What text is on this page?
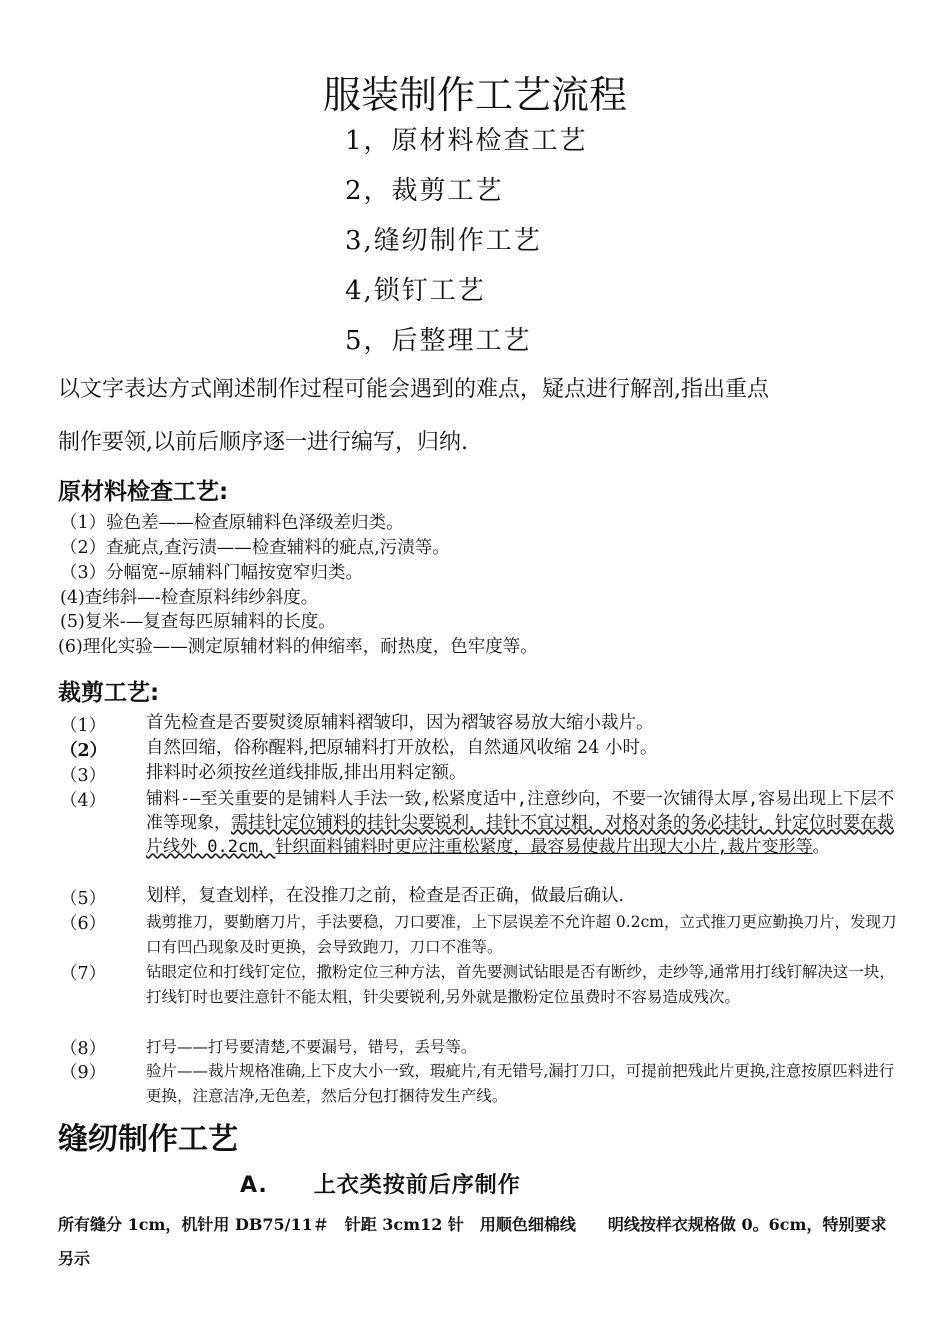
服装制作工艺流程
1，原材料检查工艺
2，裁剪工艺
3,缝纫制作工艺
4,锁钉工艺
5，后整理工艺
以文字表达方式阐述制作过程可能会遇到的难点，疑点进行解剖,指出重点
制作要领,以前后顺序逐一进行编写，归纳.
原材料检查工艺:
（1）验色差——检查原辅料色泽级差归类。
（2）查疵点,查污渍——检查辅料的疵点,污渍等。
（3）分幅宽--原辅料门幅按宽窄归类。
(4)查纬斜—-检查原料纬纱斜度。
(5)复米-—复查每匹原辅料的长度。
(6)理化实验——测定原辅材料的伸缩率，耐热度，色牢度等。
裁剪工艺:
（1）	首先检查是否要熨烫原辅料褶皱印，因为褶皱容易放大缩小裁片。
（2）	自然回缩，俗称醒料,把原辅料打开放松，自然通风收缩 24 小时。
（3）	排料时必须按丝道线排版,排出用料定额。
（4）	铺料-—至关重要的是铺料人手法一致,松紧度适中,注意纱向，不要一次铺得太厚,容易出现上下层不准等现象，需挂针定位铺料的挂针尖要锐利，挂针不宜过粗，对格对条的务必挂针，针定位时要在裁片线外 0.2cm，针织面料铺料时更应注重松紧度，最容易使裁片出现大小片,裁片变形等。
（5）	划样，复查划样，在没推刀之前，检查是否正确，做最后确认.
（6）	裁剪推刀，要勤磨刀片，手法要稳，刀口要准，上下层误差不允许超 0.2cm，立式推刀更应勤换刀片，发现刀口有凹凸现象及时更换，会导致跑刀，刀口不准等。
（7）	钻眼定位和打线钉定位，撒粉定位三种方法，首先要测试钻眼是否有断纱，走纱等,通常用打线钉解决这一块，打线钉时也要注意针不能太粗，针尖要锐利,另外就是撒粉定位虽费时不容易造成残次。
（8）	打号——打号要清楚,不要漏号，错号，丢号等。
（9）	验片——裁片规格准确,上下皮大小一致，瑕疵片,有无错号,漏打刀口，可提前把残此片更换,注意按原匹料进行更换，注意洁净,无色差，然后分包打捆待发生产线。
缝纫制作工艺
A.　　上衣类按前后序制作
所有缝分 1cm，机针用 DB75/11＃　针距 3cm12 针　用顺色细棉线　　明线按样衣规格做 0。6cm，特别要求另示
